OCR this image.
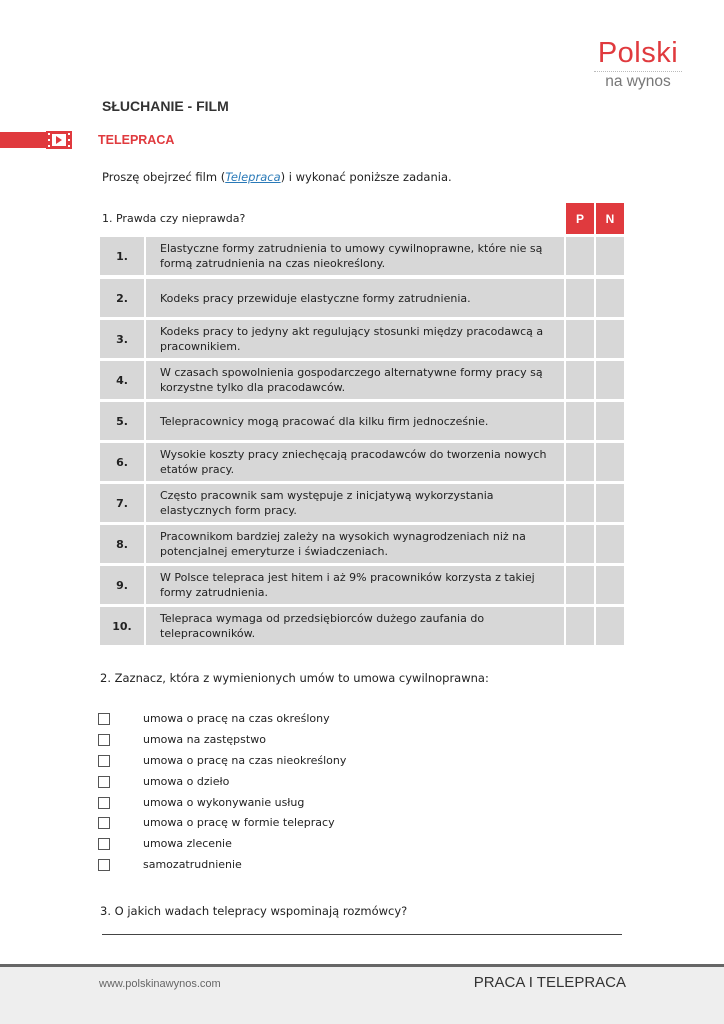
Polski
na wynos
SŁUCHANIE - FILM
TELEPRACA
Proszę obejrzeć film (Telepraca) i wykonać poniższe zadania.
1. Prawda czy nieprawda?	P	N
1.
Elastyczne formy zatrudnienia to umowy cywilnoprawne, które nie są formą zatrudnienia na czas nieokreślony.
2.	Kodeks pracy przewiduje elastyczne formy zatrudnienia.
3.
Kodeks pracy to jedyny akt regulujący stosunki między pracodawcą a pracownikiem.
4.
W czasach spowolnienia gospodarczego alternatywne formy pracy są korzystne tylko dla pracodawców.
5.	Telepracownicy mogą pracować dla kilku firm jednocześnie.
6.
Wysokie koszty pracy zniechęcają pracodawców do tworzenia nowych etatów pracy.
7.
Często pracownik sam występuje z inicjatywą wykorzystania elastycznych form pracy.
8.
Pracownikom bardziej zależy na wysokich wynagrodzeniach niż na potencjalnej emeryturze i świadczeniach.
9.
W Polsce telepraca jest hitem i aż 9% pracowników korzysta z takiej formy zatrudnienia.
10.
Telepraca wymaga od przedsiębiorców dużego zaufania do telepracowników.
2. Zaznacz, która z wymienionych umów to umowa cywilnoprawna:
umowa o pracę na czas określony
umowa na zastępstwo
umowa o pracę na czas nieokreślony
umowa o dzieło
umowa o wykonywanie usług
umowa o pracę w formie telepracy
umowa zlecenie
samozatrudnienie
3. O jakich wadach telepracy wspominają rozmówcy?
www.polskinawynos.com	PRACA I TELEPRACA
